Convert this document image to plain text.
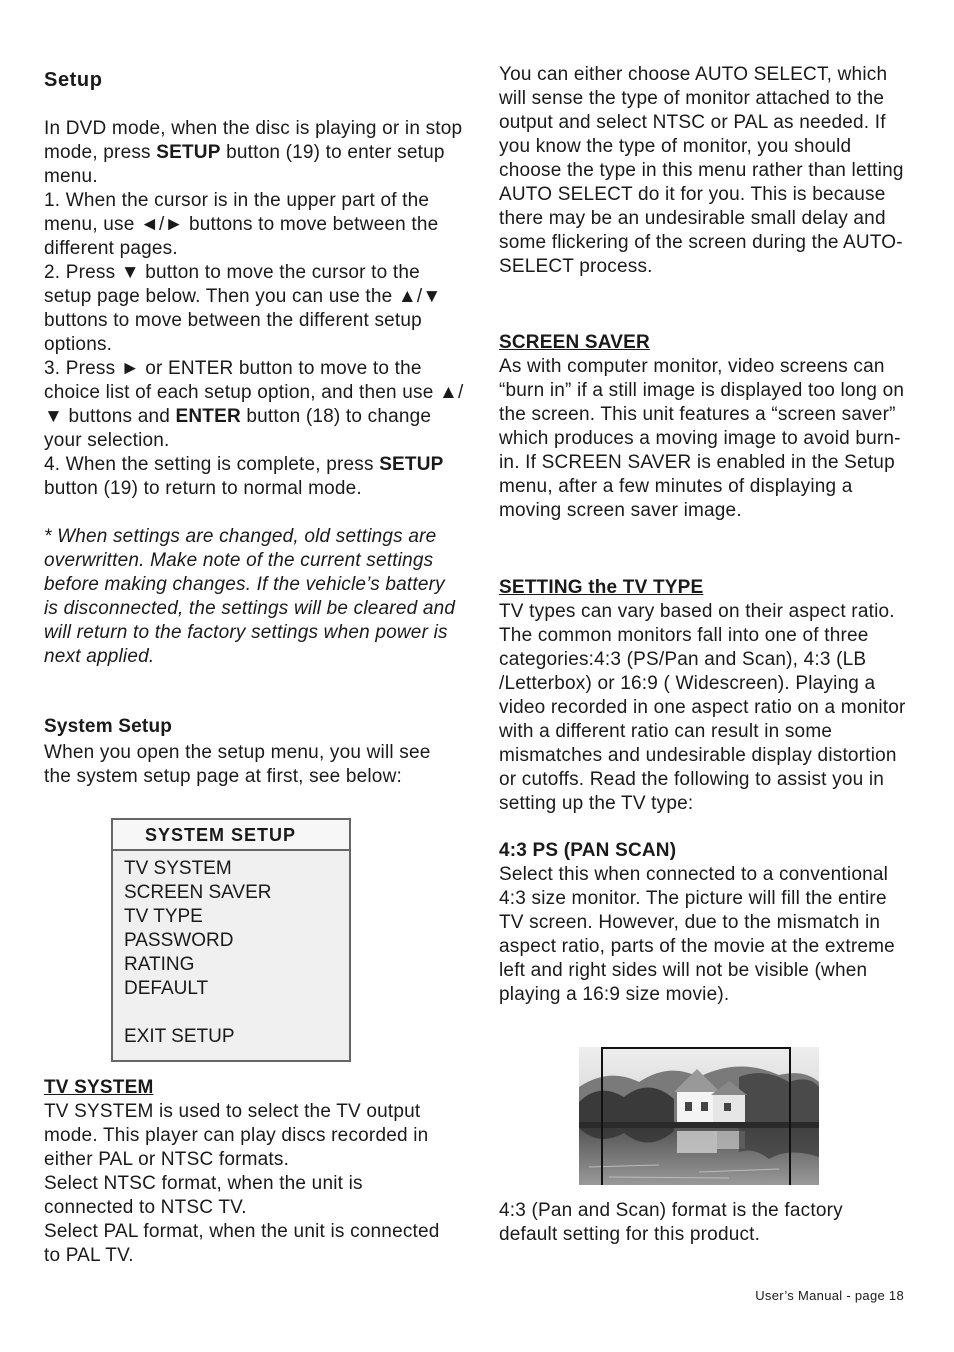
Setup
In DVD mode, when the disc is playing or in stop mode, press SETUP button (19) to enter setup menu.
1. When the cursor is in the upper part of the menu, use ◄/► buttons to move between the different pages.
2. Press ▼ button to move the cursor to the setup page below. Then you can use the ▲/▼ buttons to move between the different setup options.
3. Press ► or ENTER button to move to the choice list of each setup option, and then use ▲/▼ buttons and ENTER button (18) to change your selection.
4. When the setting is complete, press SETUP button (19) to return to normal mode.
* When settings are changed, old settings are overwritten. Make note of the current settings before making changes. If the vehicle’s battery is disconnected, the settings will be cleared and will return to the factory settings when power is next applied.
System Setup
When you open the setup menu, you will see the system setup page at first, see below:
TV SYSTEM
TV SYSTEM is used to select the TV output mode. This player can play discs recorded in either PAL or NTSC formats.
Select NTSC format, when the unit is connected to NTSC TV.
Select PAL format, when the unit is connected to PAL TV.
SYSTEM SETUP
TV SYSTEM
SCREEN SAVER
TV TYPE
PASSWORD
RATING
DEFAULT
EXIT SETUP
You can either choose AUTO SELECT, which will sense the type of monitor attached to the output and select NTSC or PAL as needed. If you know the type of monitor, you should choose the type in this menu rather than letting AUTO SELECT do it for you. This is because there may be an undesirable small delay and some flickering of the screen during the AUTO-SELECT process.
SCREEN SAVER
As with computer monitor, video screens can “burn in” if a still image is displayed too long on the screen. This unit features a “screen saver” which produces a moving image to avoid burn-in. If SCREEN SAVER is enabled in the Setup menu, after a few minutes of displaying a moving screen saver image.
SETTING the TV TYPE
TV types can vary based on their aspect ratio. The common monitors fall into one of three categories:4:3 (PS/Pan and Scan), 4:3 (LB /Letterbox) or 16:9 ( Widescreen). Playing a video recorded in one aspect ratio on a monitor with a different ratio can result in some mismatches and undesirable display distortion or cutoffs. Read the following to assist you in setting up the TV type:
4:3 PS (PAN SCAN)
Select this when connected to a conventional 4:3 size monitor. The picture will fill the entire TV screen. However, due to the mismatch in aspect ratio, parts of the movie at the extreme left and right sides will not be visible (when playing a 16:9 size movie).
4:3 (Pan and Scan) format is the factory default setting for this product.
User’s Manual - page 18
